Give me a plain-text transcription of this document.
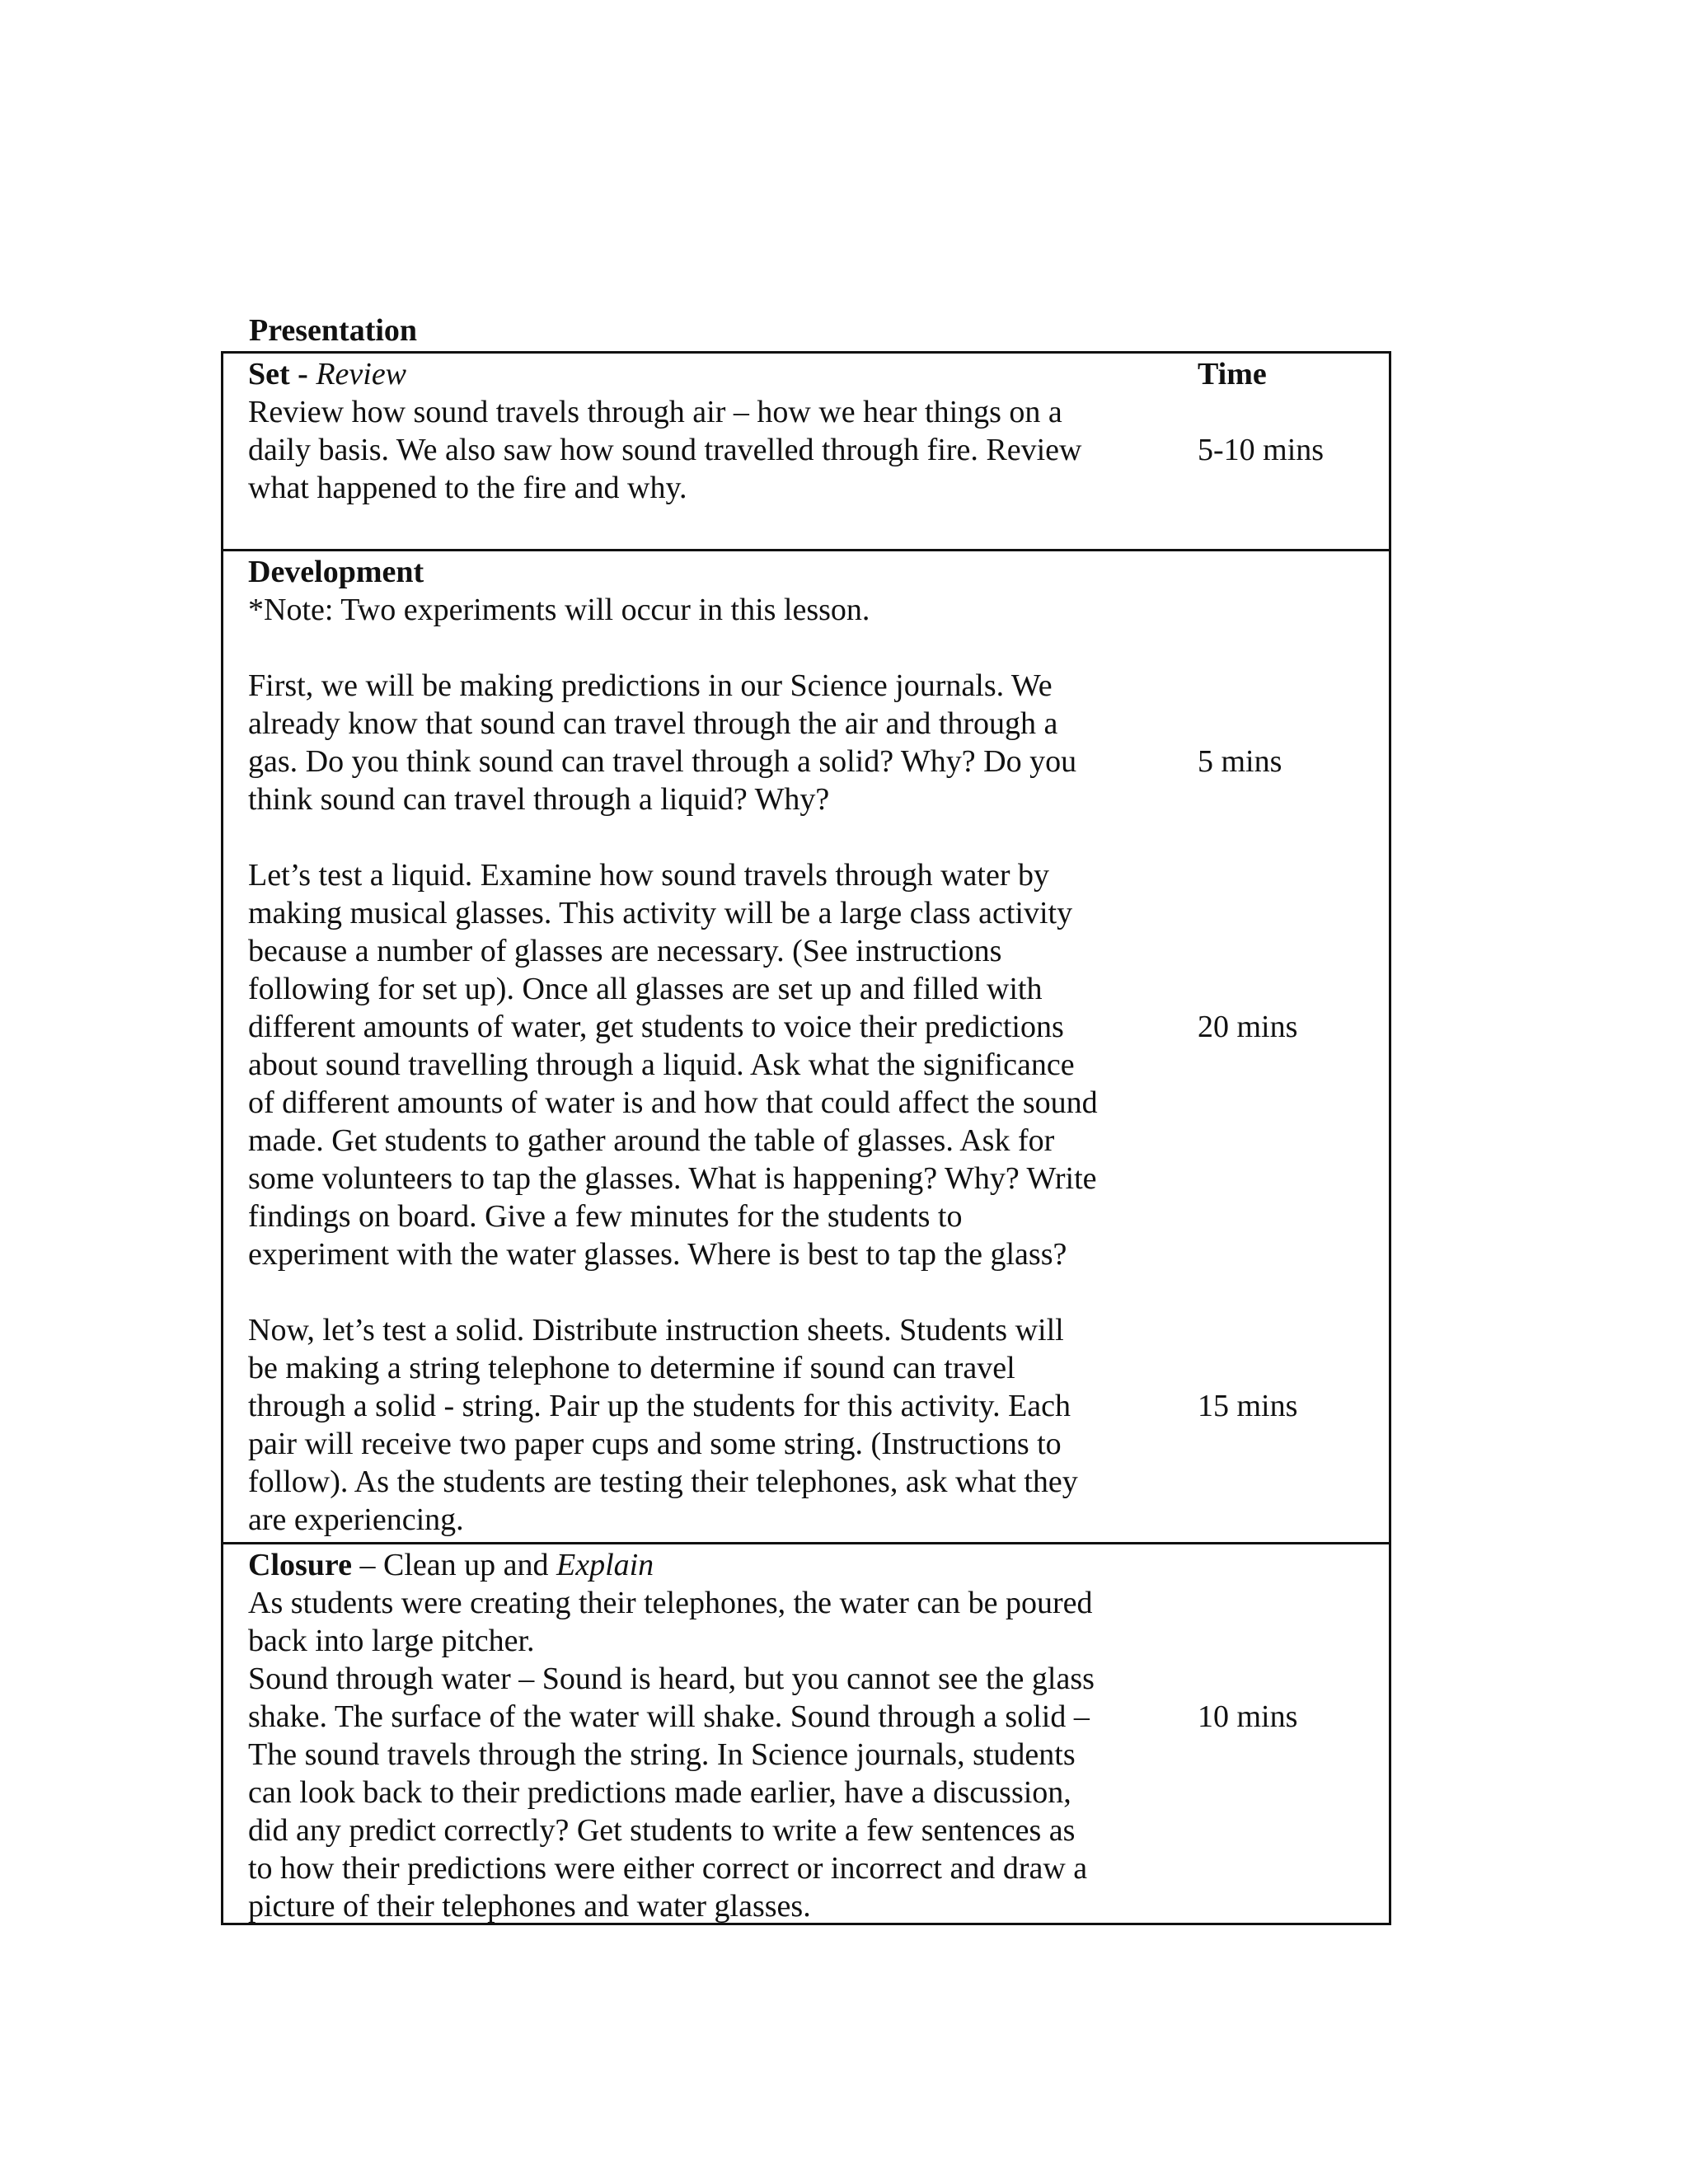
Presentation
Set - Review
Review how sound travels through air – how we hear things on a
daily basis. We also saw how sound travelled through fire. Review
what happened to the fire and why.
Time
5-10 mins
Development
*Note: Two experiments will occur in this lesson.
First, we will be making predictions in our Science journals. We
already know that sound can travel through the air and through a
gas. Do you think sound can travel through a solid? Why? Do you
think sound can travel through a liquid? Why?
Let’s test a liquid. Examine how sound travels through water by
making musical glasses. This activity will be a large class activity
because a number of glasses are necessary. (See instructions
following for set up). Once all glasses are set up and filled with
different amounts of water, get students to voice their predictions
about sound travelling through a liquid. Ask what the significance
of different amounts of water is and how that could affect the sound
made. Get students to gather around the table of glasses. Ask for
some volunteers to tap the glasses. What is happening? Why? Write
findings on board. Give a few minutes for the students to
experiment with the water glasses. Where is best to tap the glass?
Now, let’s test a solid. Distribute instruction sheets. Students will
be making a string telephone to determine if sound can travel
through a solid - string. Pair up the students for this activity. Each
pair will receive two paper cups and some string. (Instructions to
follow). As the students are testing their telephones, ask what they
are experiencing.
5 mins
20 mins
15 mins
Closure – Clean up and Explain
As students were creating their telephones, the water can be poured
back into large pitcher.
Sound through water – Sound is heard, but you cannot see the glass
shake. The surface of the water will shake. Sound through a solid –
The sound travels through the string. In Science journals, students
can look back to their predictions made earlier, have a discussion,
did any predict correctly? Get students to write a few sentences as
to how their predictions were either correct or incorrect and draw a
picture of their telephones and water glasses.
10 mins
